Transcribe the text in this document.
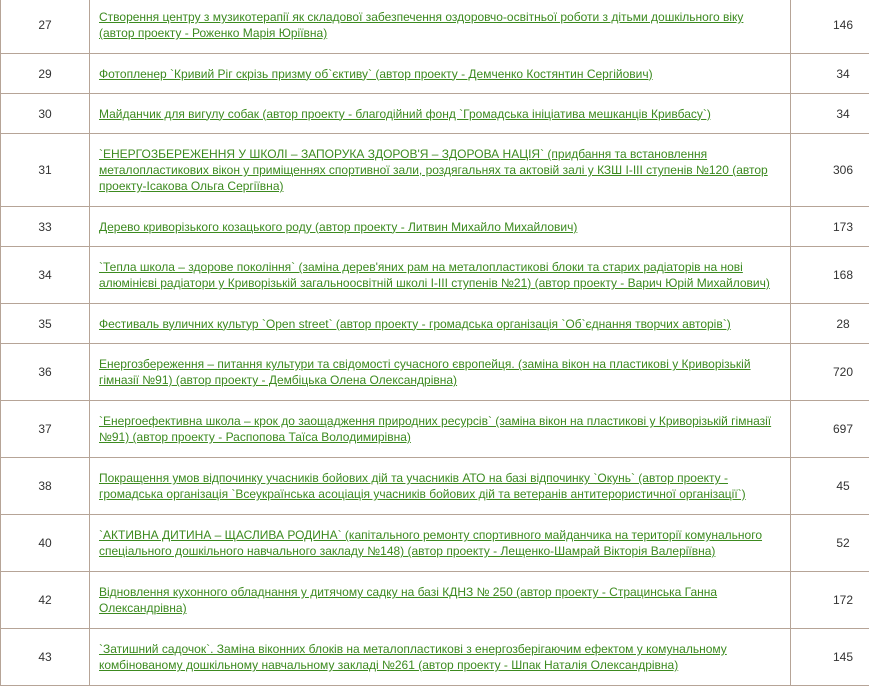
27	Створення центру з музикотерапії як складової забезпечення оздоровчо-освітньої роботи з дітьми дошкільного віку (автор проекту - Роженко Марія Юріївна)	146
29	Фотопленер `Кривий Ріг скрізь призму об`єктиву` (автор проекту - Демченко Костянтин Сергійович)	34
30	Майданчик для вигулу собак (автор проекту - благодійний фонд `Громадська ініціатива мешканців Кривбасу`)	34
31	`ЕНЕРГОЗБЕРЕЖЕННЯ У ШКОЛІ – ЗАПОРУКА ЗДОРОВ'Я – ЗДОРОВА НАЦІЯ` (придбання та встановлення металопластикових вікон у приміщеннях спортивної зали, роздягальнях та актовій залі у КЗШ І-ІІІ ступенів №120 (автор проекту-Ісакова Ольга Сергіївна)	306
33	Дерево криворізького козацького роду (автор проекту - Литвин Михайло Михайлович)	173
34	`Тепла школа – здорове покоління` (заміна дерев'яних рам на металопластикові блоки та старих радіаторів на нові алюмінієві радіатори у Криворізькій загальноосвітній школі І-ІІІ ступенів №21) (автор проекту - Варич Юрій Михайлович)	168
35	Фестиваль вуличних культур `Open street` (автор проекту - громадська організація `Об`єднання творчих авторів`)	28
36	Енергозбереження – питання культури та свідомості сучасного європейця. (заміна вікон на пластикові у Криворізькій гімназії №91) (автор проекту - Дембіцька Олена Олександрівна)	720
37	`Енергоефективна школа – крок до заощадження природних ресурсів` (заміна вікон на пластикові у Криворізькій гімназії №91) (автор проекту - Распопова Таїса Володимирівна)	697
38	Покращення умов відпочинку учасників бойових дій та учасників АТО на базі відпочинку `Окунь` (автор проекту - громадська організація `Всеукраїнська асоціація учасників бойових дій та ветеранів антитерористичної організації`)	45
40	`АКТИВНА ДИТИНА – ЩАСЛИВА РОДИНА` (капітального ремонту спортивного майданчика на території комунального спеціального дошкільного навчального закладу №148) (автор проекту - Лещенко-Шамрай Вікторія Валеріївна)	52
42	Відновлення кухонного обладнання у дитячому садку на базі КДНЗ № 250 (автор проекту - Страцинська Ганна Олександрівна)	172
43	`Затишний садочок`. Заміна віконних блоків на металопластикові з енергозберігаючим ефектом у комунальному комбінованому дошкільному навчальному закладі №261 (автор проекту - Шпак Наталія Олександрівна)	145
